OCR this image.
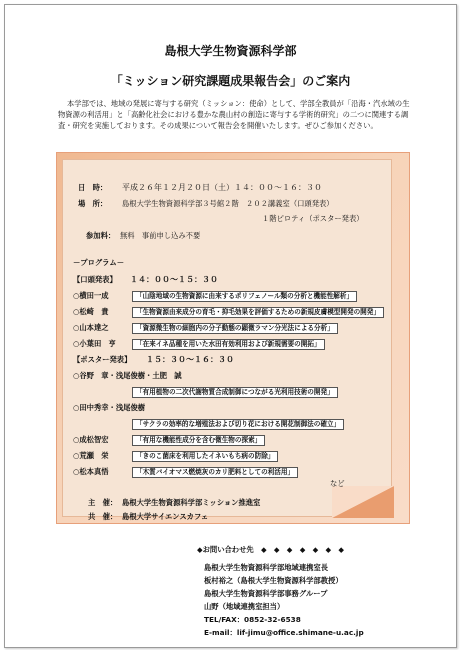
島根大学生物資源科学部
「ミッション研究課題成果報告会」のご案内
本学部では、地域の発展に寄与する研究（ミッション：使命）として、学部全教員が「沿海・汽水域の生物資源の利活用」と「高齢化社会における豊かな農山村の創造に寄与する学術的研究」の二つに関連する調査・研究を実施しております。その成果について報告会を開催いたします。ぜひご参加ください。
日　時： 平成２６年１２月２０日（土）１４：００～１６：３０
場　所： 島根大学生物資源科学部３号館２階　２０２講義室（口頭発表）
１階ピロティ（ポスター発表）
参加料： 無料　事前申し込み不要
－プログラム－
【口頭発表】 １４：００～１５：３０
○横田一成	「山陰地域の生物資源に由来するポリフェノール類の分析と機能性解析」
○松崎　貴	「生物資源由来成分の育毛・抑毛効果を評価するための新規皮膚模型開発の開発」
○山本達之	「資源微生物の細胞内の分子動態の顕微ラマン分光法による分析」
○小葉田　亨	「在来イネ品種を用いた水田有効利用および新規需要の開拓」
【ポスター発表】 １５：３０～１６：３０
○谷野　章・浅尾俊樹・土肥　誠
「有用植物の二次代謝物質合成制御につながる光利用技術の開発」
○田中秀幸・浅尾俊樹
「サクラの効率的な増殖法および切り花における開花制御法の確立」
○成松智宏	「有用な機能性成分を含む微生物の探索」
○荒瀬　栄	「きのこ菌床を利用したイネいもち病の防除」
○松本真悟	「木質バイオマス燃焼灰のカリ肥料としての利活用」
など
主　催： 島根大学生物資源科学部ミッション推進室
共　催： 島根大学サイエンスカフェ
◆お問い合わせ先　◆　◆　◆　◆　◆　◆　◆
島根大学生物資源科学部地域連携室長
板村裕之（島根大学生物資源科学部教授）
島根大学生物資源科学部事務グループ
山野（地域連携室担当）
TEL/FAX：0852-32-6538
E-mail：lif-jimu@office.shimane-u.ac.jp
